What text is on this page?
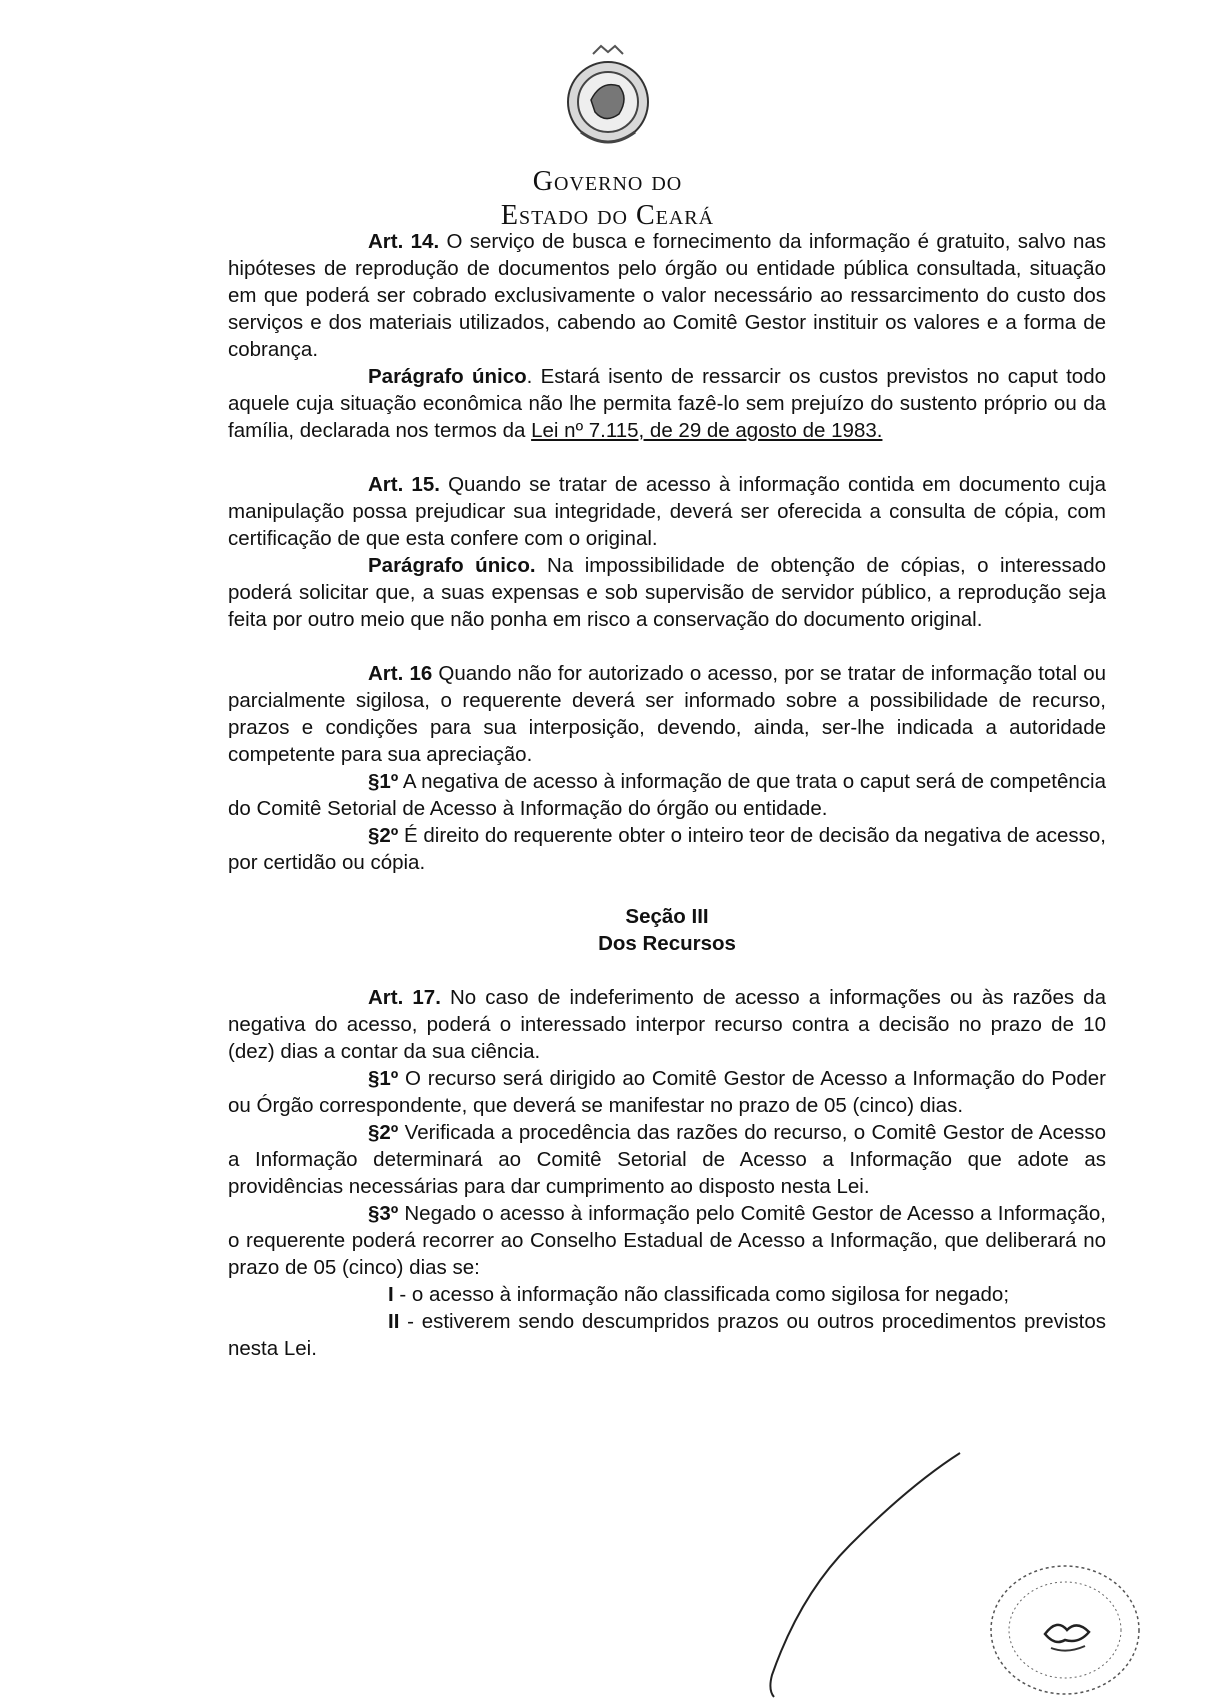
Governo do
Estado do Ceará

Art. 14. O serviço de busca e fornecimento da informação é gratuito, salvo nas hipóteses de reprodução de documentos pelo órgão ou entidade pública consultada, situação em que poderá ser cobrado exclusivamente o valor necessário ao ressarcimento do custo dos serviços e dos materiais utilizados, cabendo ao Comitê Gestor instituir os valores e a forma de cobrança.

Parágrafo único. Estará isento de ressarcir os custos previstos no caput todo aquele cuja situação econômica não lhe permita fazê-lo sem prejuízo do sustento próprio ou da família, declarada nos termos da Lei nº 7.115, de 29 de agosto de 1983.

Art. 15. Quando se tratar de acesso à informação contida em documento cuja manipulação possa prejudicar sua integridade, deverá ser oferecida a consulta de cópia, com certificação de que esta confere com o original.

Parágrafo único. Na impossibilidade de obtenção de cópias, o interessado poderá solicitar que, a suas expensas e sob supervisão de servidor público, a reprodução seja feita por outro meio que não ponha em risco a conservação do documento original.

Art. 16 Quando não for autorizado o acesso, por se tratar de informação total ou parcialmente sigilosa, o requerente deverá ser informado sobre a possibilidade de recurso, prazos e condições para sua interposição, devendo, ainda, ser-lhe indicada a autoridade competente para sua apreciação.

§1º A negativa de acesso à informação de que trata o caput será de competência do Comitê Setorial de Acesso à Informação do órgão ou entidade.

§2º É direito do requerente obter o inteiro teor de decisão da negativa de acesso, por certidão ou cópia.

Seção III

Dos Recursos

Art. 17. No caso de indeferimento de acesso a informações ou às razões da negativa do acesso, poderá o interessado interpor recurso contra a decisão no prazo de 10 (dez) dias a contar da sua ciência.

§1º O recurso será dirigido ao Comitê Gestor de Acesso a Informação do Poder ou Órgão correspondente, que deverá se manifestar no prazo de 05 (cinco) dias.

§2º Verificada a procedência das razões do recurso, o Comitê Gestor de Acesso a Informação determinará ao Comitê Setorial de Acesso a Informação que adote as providências necessárias para dar cumprimento ao disposto nesta Lei.

§3º Negado o acesso à informação pelo Comitê Gestor de Acesso a Informação, o requerente poderá recorrer ao Conselho Estadual de Acesso a Informação, que deliberará no prazo de 05 (cinco) dias se:

I - o acesso à informação não classificada como sigilosa for negado;

II - estiverem sendo descumpridos prazos ou outros procedimentos previstos nesta Lei.
